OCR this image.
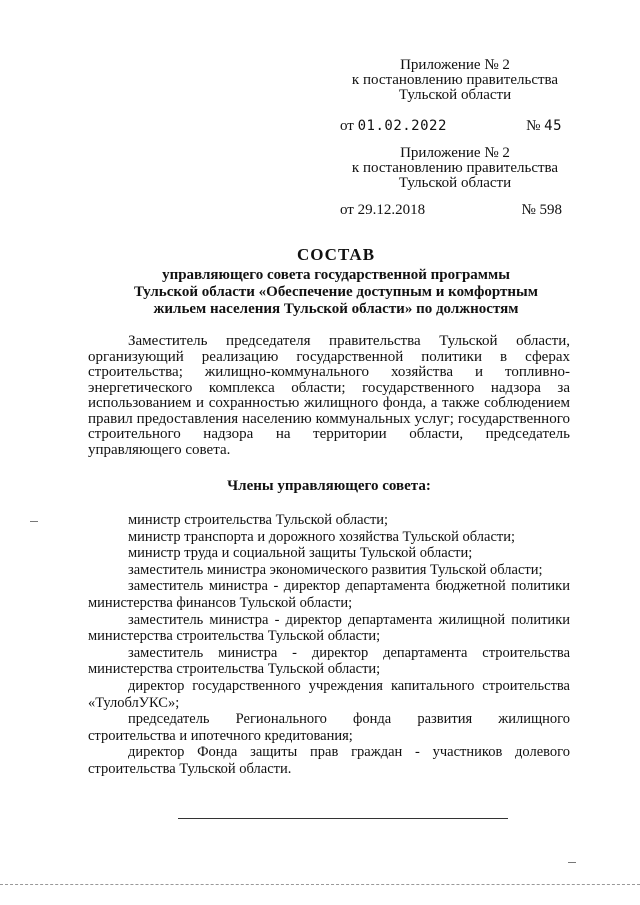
Приложение № 2
к постановлению правительства
Тульской области
от 01.02.2022	№ 45
Приложение № 2
к постановлению правительства
Тульской области
от 29.12.2018	№ 598
СОСТАВ
управляющего совета государственной программы
Тульской области «Обеспечение доступным и комфортным
жильем населения Тульской области» по должностям
Заместитель председателя правительства Тульской области, организующий реализацию государственной политики в сферах строительства; жилищно-коммунального хозяйства и топливно-энергетического комплекса области; государственного надзора за использованием и сохранностью жилищного фонда, а также соблюдением правил предоставления населению коммунальных услуг; государственного строительного надзора на территории области, председатель управляющего совета.
Члены управляющего совета:
министр строительства Тульской области;
министр транспорта и дорожного хозяйства Тульской области;
министр труда и социальной защиты Тульской области;
заместитель министра экономического развития Тульской области;
заместитель министра - директор департамента бюджетной политики министерства финансов Тульской области;
заместитель министра - директор департамента жилищной политики министерства строительства Тульской области;
заместитель министра - директор департамента строительства министерства строительства Тульской области;
директор государственного учреждения капитального строительства «ТулоблУКС»;
председатель Регионального фонда развития жилищного строительства и ипотечного кредитования;
директор Фонда защиты прав граждан - участников долевого строительства Тульской области.
